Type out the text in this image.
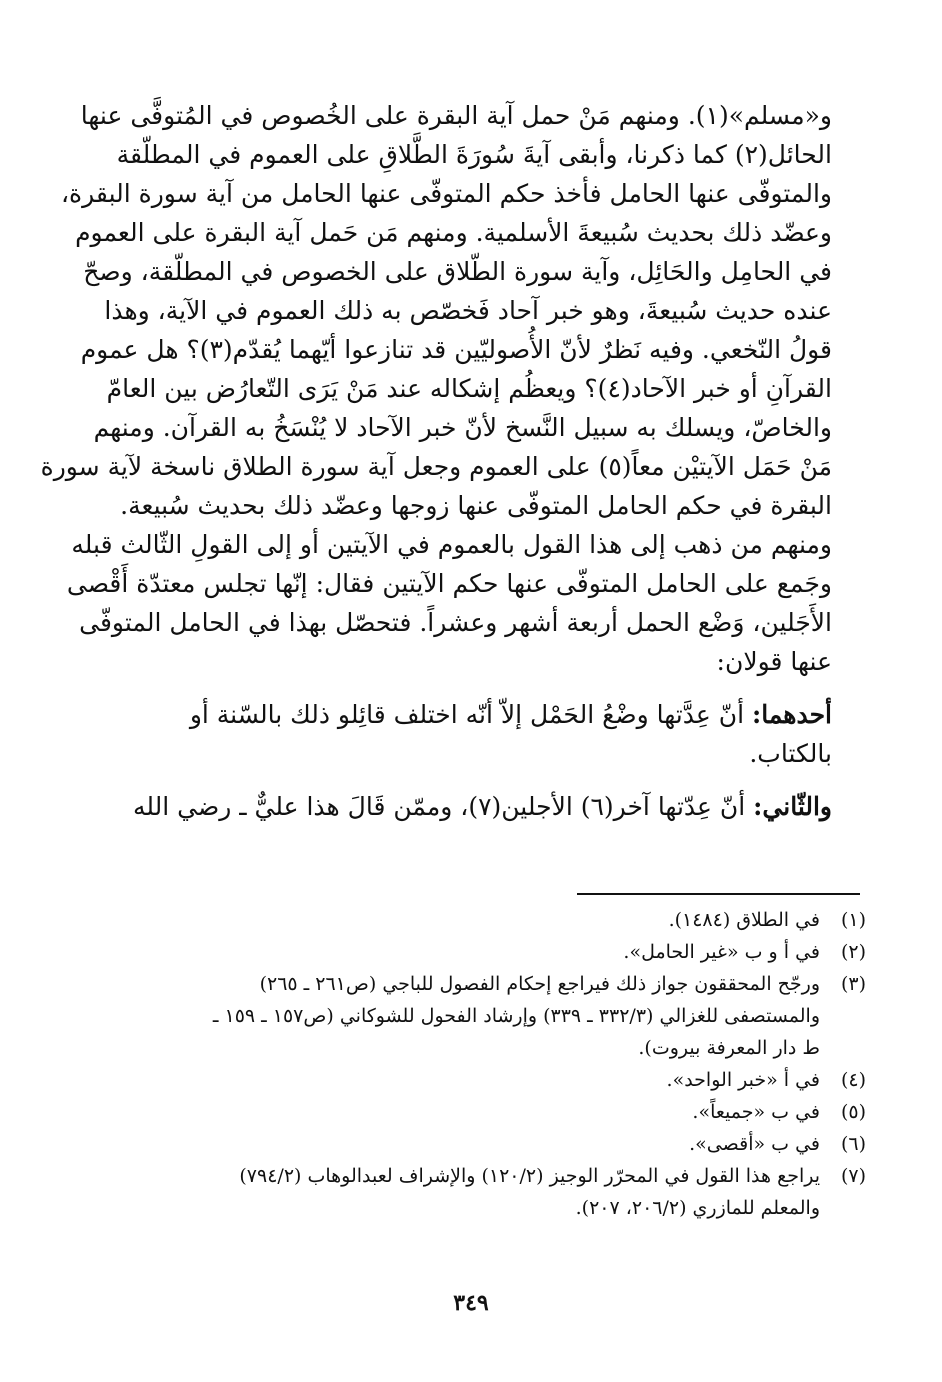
و«مسلم»(١). ومنهم مَنْ حمل آية البقرة على الخُصوص في المُتوفَّى عنها
الحائل(٢) كما ذكرنا، وأبقى آيةَ سُورَةَ الطَّلاقِ على العموم في المطلّقة
والمتوفّى عنها الحامل فأخذ حكم المتوفّى عنها الحامل من آية سورة البقرة،
وعضّد ذلك بحديث سُبيعةَ الأسلمية. ومنهم مَن حَمل آية البقرة على العموم
في الحامِل والحَائِل، وآية سورة الطّلاق على الخصوص في المطلّقة، وصحّ
عنده حديث سُبيعةَ، وهو خبر آحاد فَخصّص به ذلك العموم في الآية، وهذا
قولُ النّخعي. وفيه نَظرٌ لأنّ الأُصوليّين قد تنازعوا أيّهما يُقدّم(٣)؟ هل عموم
القرآنِ أو خبر الآحاد(٤)؟ ويعظُم إشكاله عند مَنْ يَرَى التّعارُض بين العامّ
والخاصّ، ويسلك به سبيل النَّسخ لأنّ خبر الآحاد لا يُنْسَخُ به القرآن. ومنهم
مَنْ حَمَل الآيتيْن معاً(٥) على العموم وجعل آية سورة الطلاق ناسخة لآية سورة
البقرة في حكم الحامل المتوفّى عنها زوجها وعضّد ذلك بحديث سُبيعة.
ومنهم من ذهب إلى هذا القول بالعموم في الآيتين أو إلى القولِ الثّالث قبله
وجَمع على الحامل المتوفّى عنها حكم الآيتين فقال: إنّها تجلس معتدّة أَقْصى
الأَجَلين، وَضْع الحمل أربعة أشهر وعشراً. فتحصّل بهذا في الحامل المتوفّى
عنها قولان:
أحدهما: أنّ عِدَّتها وضْعُ الحَمْل إلاّ أنّه اختلف قائِلو ذلك بالسّنة أو
بالكتاب.
والثّاني: أنّ عِدّتها آخر(٦) الأجلين(٧)، وممّن قَالَ هذا عليٌّ ـ رضي الله
(١)
في الطلاق (١٤٨٤).
(٢)
في أ و ب «غير الحامل».
(٣)
ورجّح المحققون جواز ذلك فيراجع إحكام الفصول للباجي (ص٢٦١ ـ ٢٦٥)
والمستصفى للغزالي (٣٣٢/٣ ـ ٣٣٩) وإرشاد الفحول للشوكاني (ص١٥٧ ـ ١٥٩ ـ
ط دار المعرفة بيروت).
(٤)
في أ «خبر الواحد».
(٥)
في ب «جميعاً».
(٦)
في ب «أقصى».
(٧)
يراجع هذا القول في المحرّر الوجيز (١٢٠/٢) والإشراف لعبدالوهاب (٧٩٤/٢)
والمعلم للمازري (٢٠٦/٢، ٢٠٧).
٣٤٩
